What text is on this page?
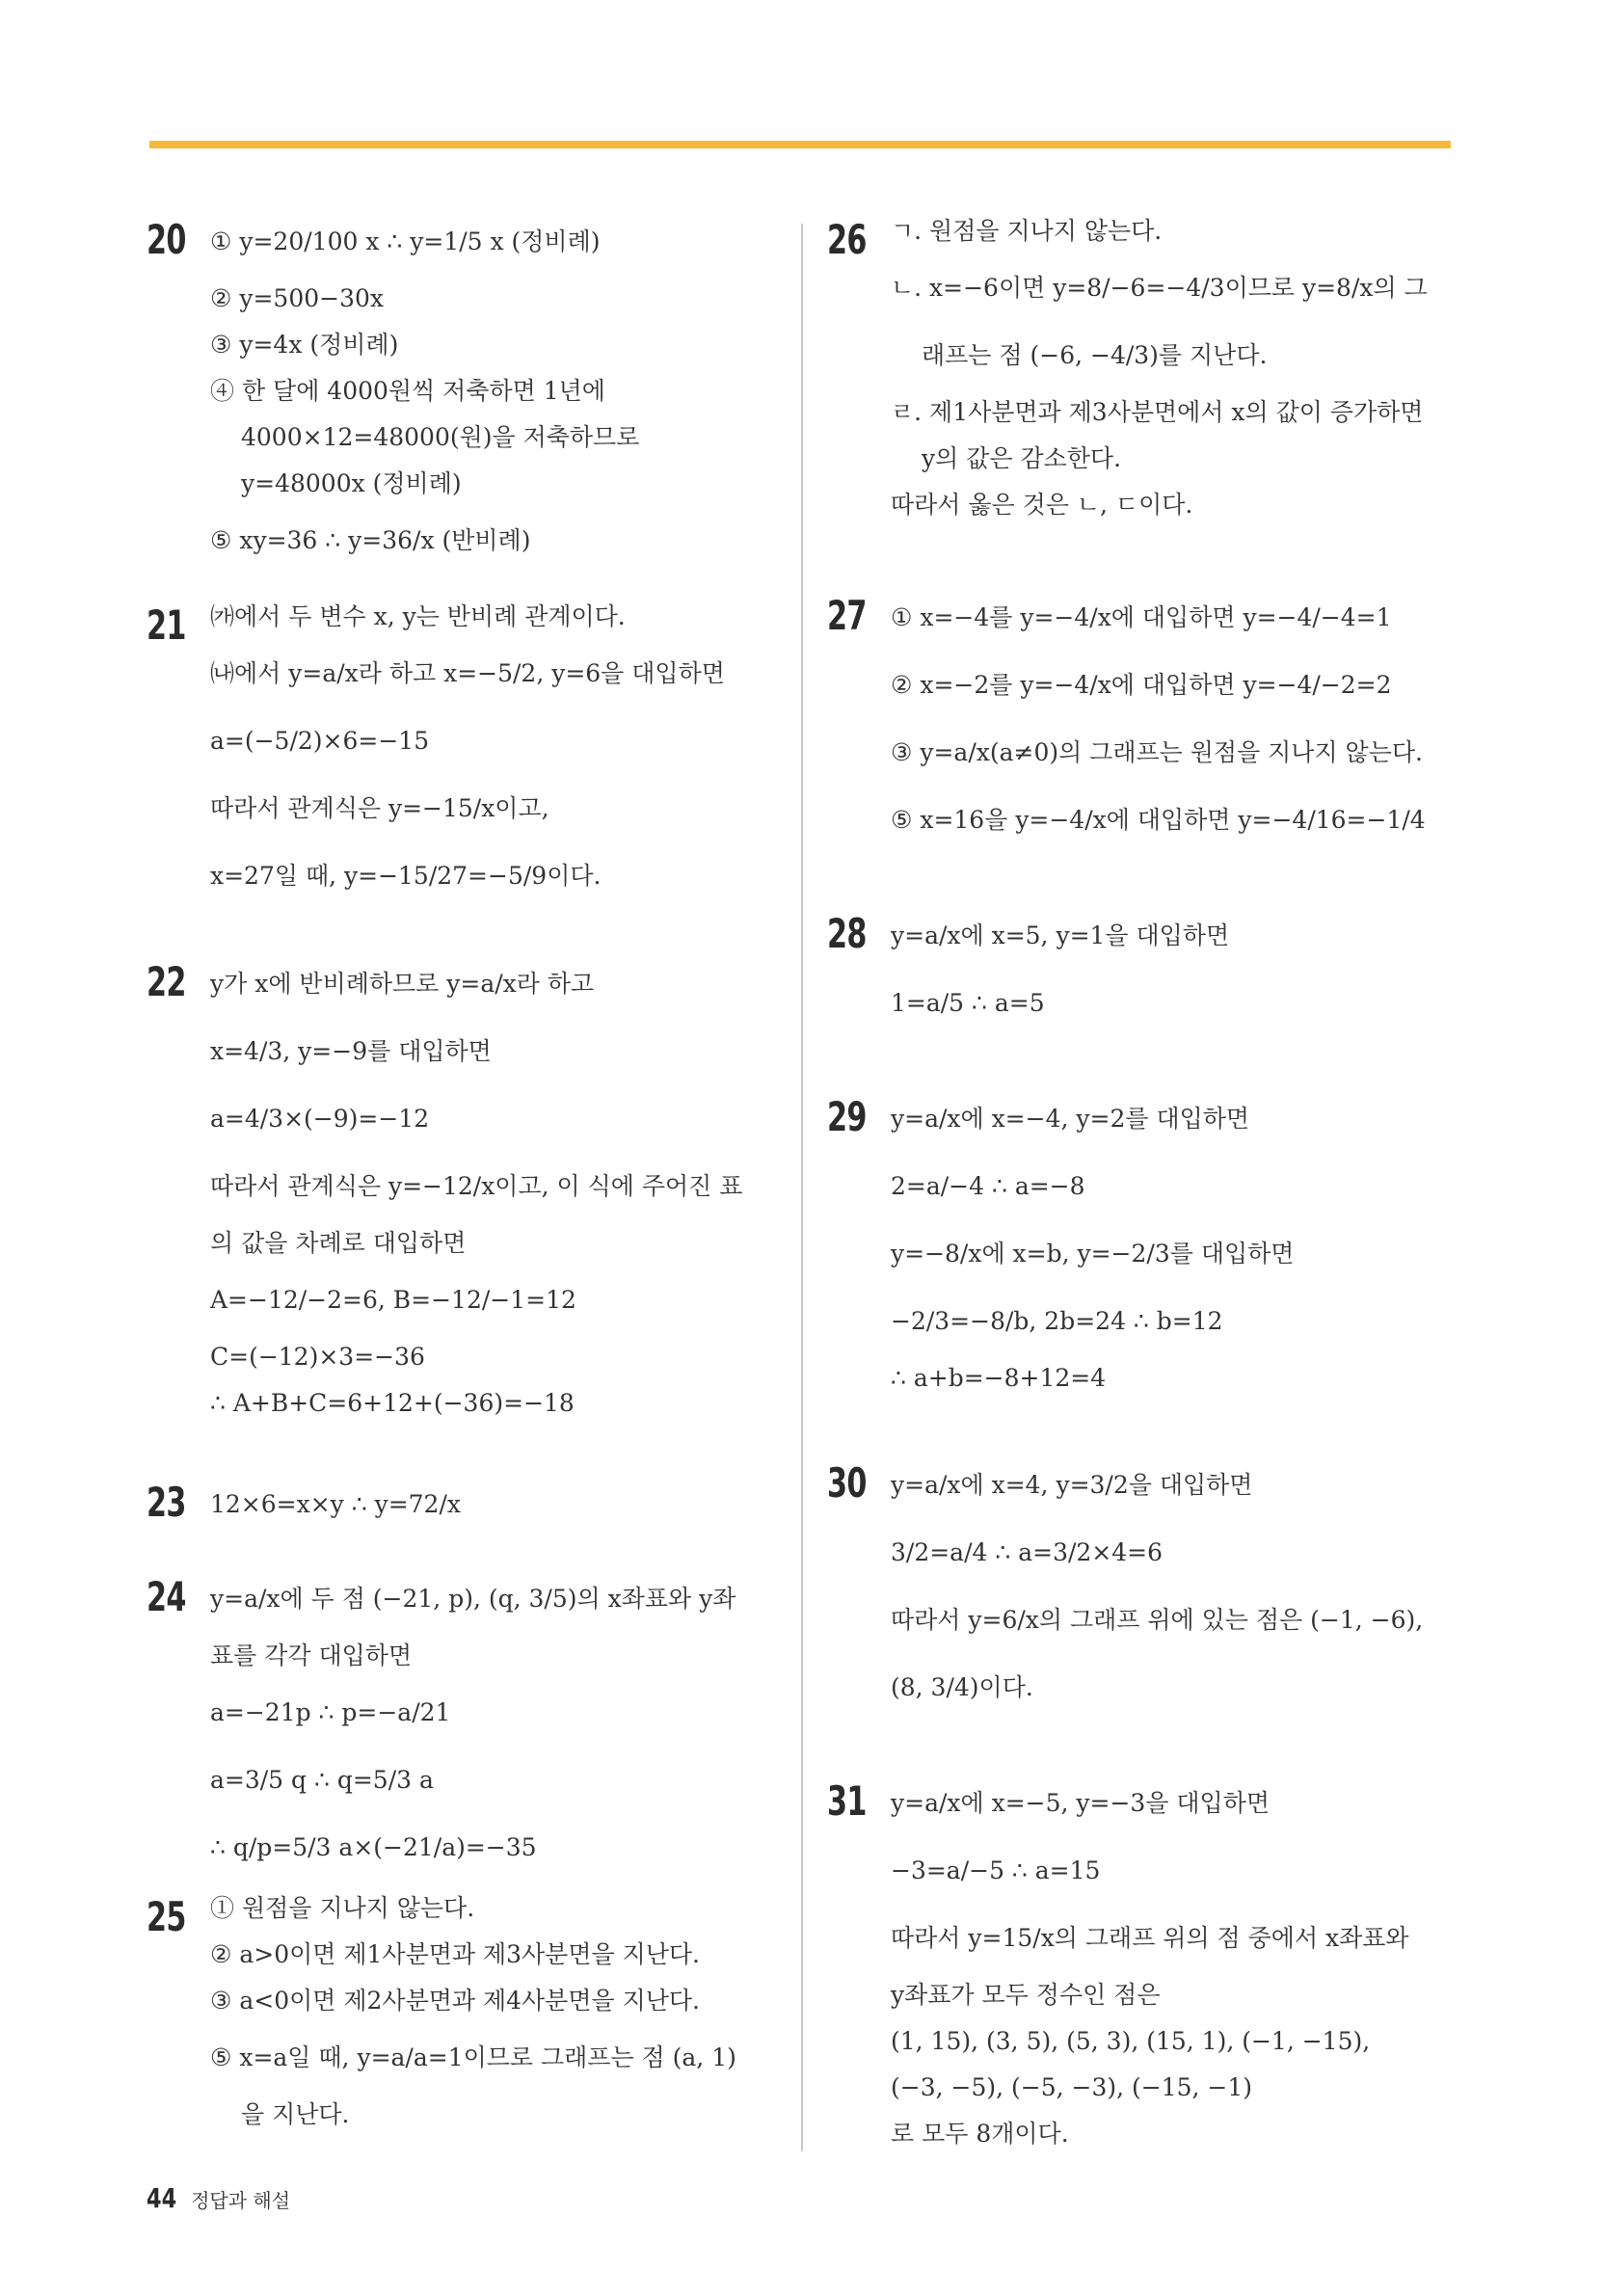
20 ① y=20/100 x ∴ y=1/5 x (정비례)
② y=500−30x
③ y=4x (정비례)
④ 한 달에 4000원씩 저축하면 1년에
4000×12=48000(원)을 저축하므로
y=48000x (정비례)
⑤ xy=36 ∴ y=36/x (반비례)
21 ㈎에서 두 변수 x, y는 반비례 관계이다.
㈏에서 y=a/x라 하고 x=−5/2, y=6을 대입하면
a=(−5/2)×6=−15
따라서 관계식은 y=−15/x이고,
x=27일 때, y=−15/27=−5/9이다.
22 y가 x에 반비례하므로 y=a/x라 하고
x=4/3, y=−9를 대입하면
a=4/3×(−9)=−12
따라서 관계식은 y=−12/x이고, 이 식에 주어진 표
의 값을 차례로 대입하면
A=−12/−2=6, B=−12/−1=12
C=(−12)×3=−36
∴ A+B+C=6+12+(−36)=−18
23 12×6=x×y ∴ y=72/x
24 y=a/x에 두 점 (−21, p), (q, 3/5)의 x좌표와 y좌
표를 각각 대입하면
a=−21p ∴ p=−a/21
a=3/5 q ∴ q=5/3 a
∴ q/p=5/3 a×(−21/a)=−35
25 ① 원점을 지나지 않는다.
② a>0이면 제1사분면과 제3사분면을 지난다.
③ a<0이면 제2사분면과 제4사분면을 지난다.
⑤ x=a일 때, y=a/a=1이므로 그래프는 점 (a, 1)
을 지난다.
26 ㄱ. 원점을 지나지 않는다.
ㄴ. x=−6이면 y=8/−6=−4/3이므로 y=8/x의 그
래프는 점 (−6, −4/3)를 지난다.
ㄹ. 제1사분면과 제3사분면에서 x의 값이 증가하면
y의 값은 감소한다.
따라서 옳은 것은 ㄴ, ㄷ이다.
27 ① x=−4를 y=−4/x에 대입하면 y=−4/−4=1
② x=−2를 y=−4/x에 대입하면 y=−4/−2=2
③ y=a/x(a≠0)의 그래프는 원점을 지나지 않는다.
⑤ x=16을 y=−4/x에 대입하면 y=−4/16=−1/4
28 y=a/x에 x=5, y=1을 대입하면
1=a/5 ∴ a=5
29 y=a/x에 x=−4, y=2를 대입하면
2=a/−4 ∴ a=−8
y=−8/x에 x=b, y=−2/3를 대입하면
−2/3=−8/b, 2b=24 ∴ b=12
∴ a+b=−8+12=4
30 y=a/x에 x=4, y=3/2을 대입하면
3/2=a/4 ∴ a=3/2×4=6
따라서 y=6/x의 그래프 위에 있는 점은 (−1, −6),
(8, 3/4)이다.
31 y=a/x에 x=−5, y=−3을 대입하면
−3=a/−5 ∴ a=15
따라서 y=15/x의 그래프 위의 점 중에서 x좌표와
y좌표가 모두 정수인 점은
(1, 15), (3, 5), (5, 3), (15, 1), (−1, −15),
(−3, −5), (−5, −3), (−15, −1)
로 모두 8개이다.
44 정답과 해설
